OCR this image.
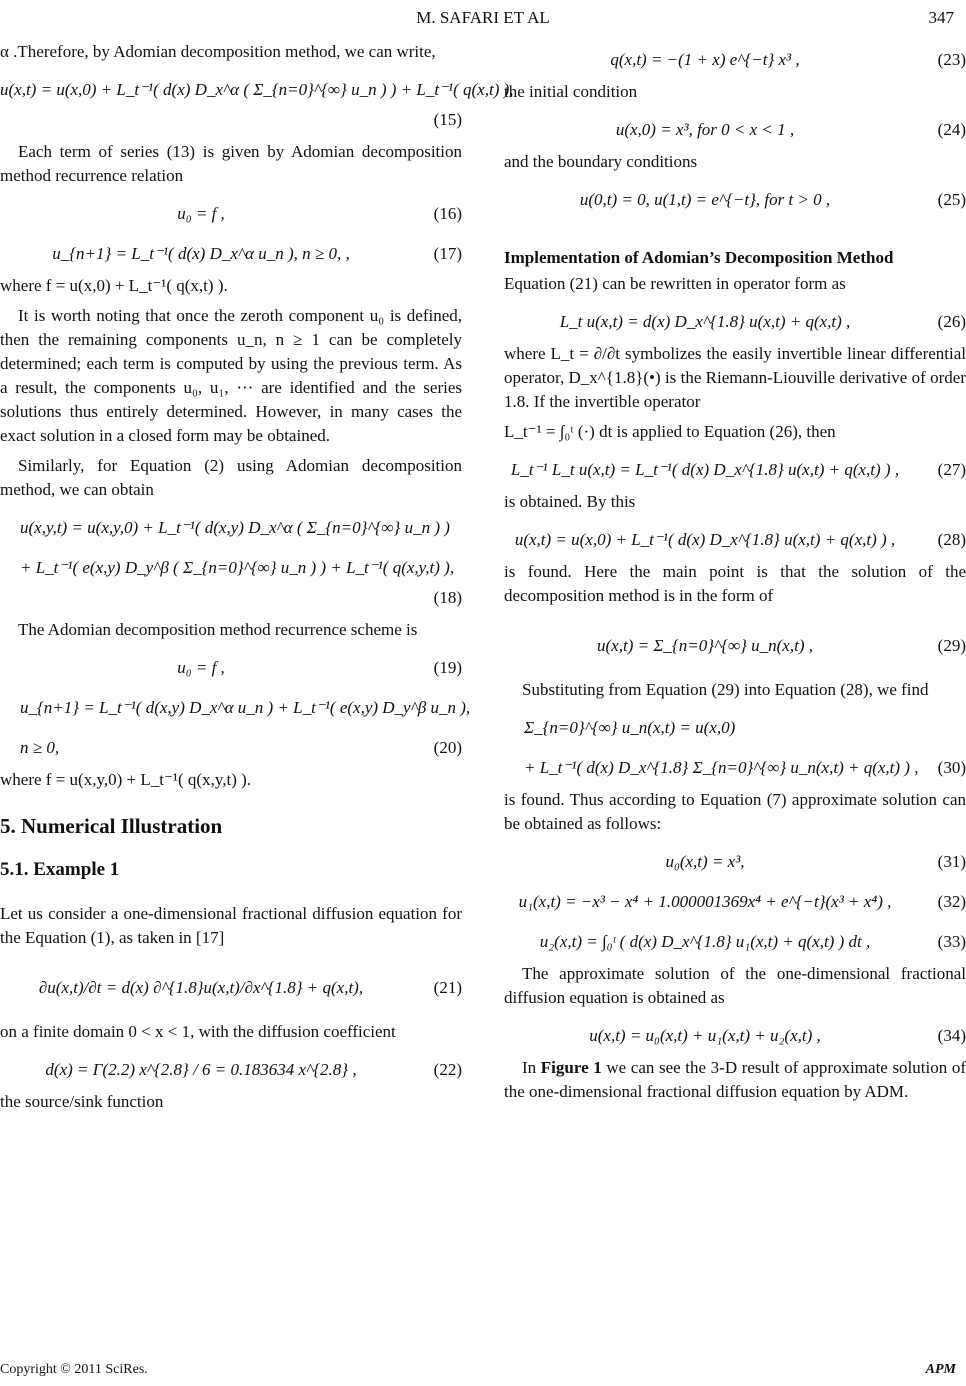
M. SAFARI ET AL	347

α .Therefore, by Adomian decomposition method, we can write,

u(x,t) = u(x,0) + L_t⁻¹( d(x) D_x^α ( Σ_{n=0}^{∞} u_n ) ) + L_t⁻¹( q(x,t) ),
(15)

Each term of series (13) is given by Adomian decomposition method recurrence relation

u₀ = f ,	(16)
u_{n+1} = L_t⁻¹( d(x) D_x^α u_n ), n ≥ 0, ,	(17)

where f = u(x,0) + L_t⁻¹( q(x,t) ).

It is worth noting that once the zeroth component u₀ is defined, then the remaining components u_n, n ≥ 1 can be completely determined; each term is computed by using the previous term. As a result, the components u₀, u₁, ⋯ are identified and the series solutions thus entirely determined. However, in many cases the exact solution in a closed form may be obtained.

Similarly, for Equation (2) using Adomian decomposition method, we can obtain

u(x,y,t) = u(x,y,0) + L_t⁻¹( d(x,y) D_x^α ( Σ_{n=0}^{∞} u_n ) )
+ L_t⁻¹( e(x,y) D_y^β ( Σ_{n=0}^{∞} u_n ) ) + L_t⁻¹( q(x,y,t) ),
(18)

The Adomian decomposition method recurrence scheme is

u₀ = f ,	(19)
u_{n+1} = L_t⁻¹( d(x,y) D_x^α u_n ) + L_t⁻¹( e(x,y) D_y^β u_n ),
n ≥ 0,	(20)

where f = u(x,y,0) + L_t⁻¹( q(x,y,t) ).

5. Numerical Illustration
5.1. Example 1

Let us consider a one-dimensional fractional diffusion equation for the Equation (1), as taken in [17]

∂u(x,t)/∂t = d(x) ∂^{1.8}u(x,t)/∂x^{1.8} + q(x,t),	(21)

on a finite domain 0 < x < 1, with the diffusion coefficient

d(x) = Γ(2.2) x^{2.8} / 6 = 0.183634 x^{2.8} ,	(22)

the source/sink function

q(x,t) = −(1 + x) e^{−t} x³ ,	(23)

the initial condition

u(x,0) = x³, for 0 < x < 1 ,	(24)

and the boundary conditions

u(0,t) = 0, u(1,t) = e^{−t}, for t > 0 ,	(25)

Implementation of Adomian’s Decomposition Method

Equation (21) can be rewritten in operator form as

L_t u(x,t) = d(x) D_x^{1.8} u(x,t) + q(x,t) ,	(26)

where L_t = ∂/∂t symbolizes the easily invertible linear differential operator, D_x^{1.8}(•) is the Riemann-Liouville derivative of order 1.8. If the invertible operator

L_t⁻¹ = ∫₀ᵗ (·) dt is applied to Equation (26), then

L_t⁻¹ L_t u(x,t) = L_t⁻¹( d(x) D_x^{1.8} u(x,t) + q(x,t) ) ,	(27)

is obtained. By this

u(x,t) = u(x,0) + L_t⁻¹( d(x) D_x^{1.8} u(x,t) + q(x,t) ) ,	(28)

is found. Here the main point is that the solution of the decomposition method is in the form of

u(x,t) = Σ_{n=0}^{∞} u_n(x,t) ,	(29)

Substituting from Equation (29) into Equation (28), we find

Σ_{n=0}^{∞} u_n(x,t) = u(x,0)
+ L_t⁻¹( d(x) D_x^{1.8} Σ_{n=0}^{∞} u_n(x,t) + q(x,t) ) , (30)

is found. Thus according to Equation (7) approximate solution can be obtained as follows:

u₀(x,t) = x³,	(31)
u₁(x,t) = −x³ − x⁴ + 1.000001369x⁴ + e^{−t}(x³ + x⁴) ,	(32)
u₂(x,t) = ∫₀ᵗ ( d(x) D_x^{1.8} u₁(x,t) + q(x,t) ) dt ,	(33)

The approximate solution of the one-dimensional fractional diffusion equation is obtained as

u(x,t) = u₀(x,t) + u₁(x,t) + u₂(x,t) ,	(34)

In Figure 1 we can see the 3-D result of approximate solution of the one-dimensional fractional diffusion equation by ADM.

Copyright © 2011 SciRes.	APM
